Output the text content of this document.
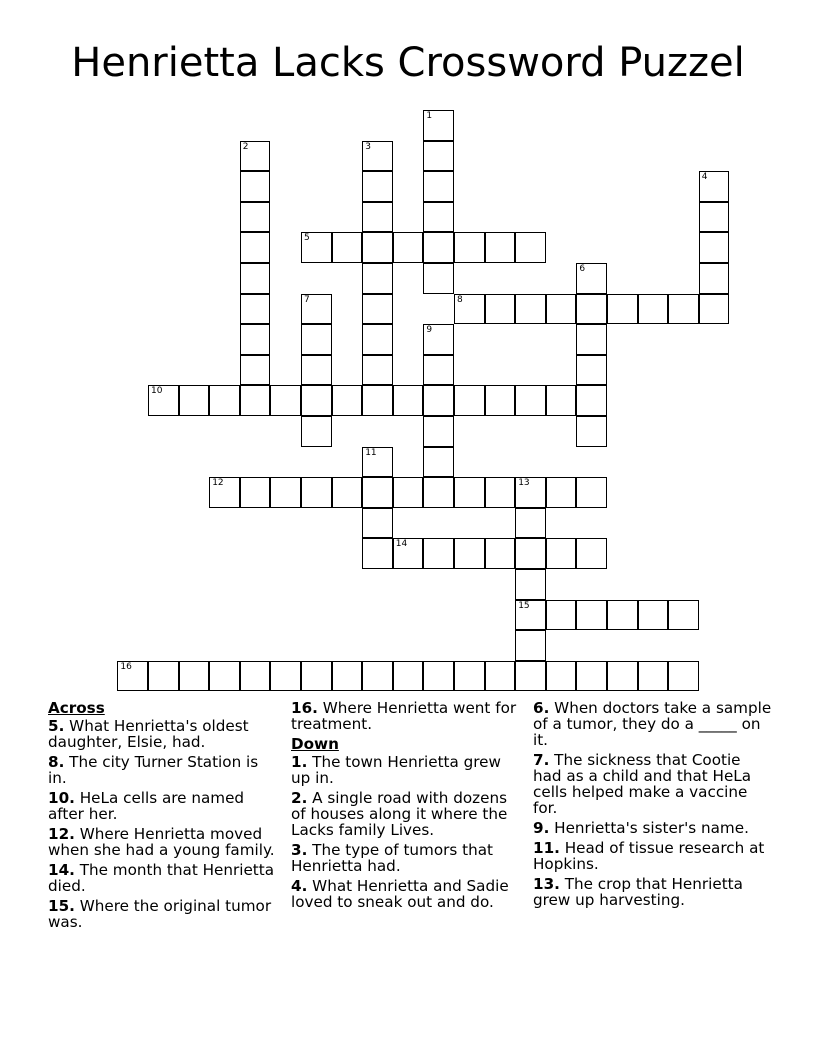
Henrietta Lacks Crossword Puzzel
1
2	3
4
5
6
7	8
9
10
11
12	13
15
14
16
Across
5. What Henrietta's oldest daughter, Elsie, had.
8. The city Turner Station is in.
10. HeLa cells are named after her.
12. Where Henrietta moved when she had a young family.
14. The month that Henrietta died.
15. Where the original tumor was.
16. Where Henrietta went for treatment.
Down
1. The town Henrietta grew up in.
2. A single road with dozens of houses along it where the Lacks family Lives.
3. The type of tumors that Henrietta had.
4. What Henrietta and Sadie loved to sneak out and do.
6. When doctors take a sample of a tumor, they do a _____ on it.
7. The sickness that Cootie had as a child and that HeLa cells helped make a vaccine for.
9. Henrietta's sister's name.
11. Head of tissue research at Hopkins.
13. The crop that Henrietta grew up harvesting.
